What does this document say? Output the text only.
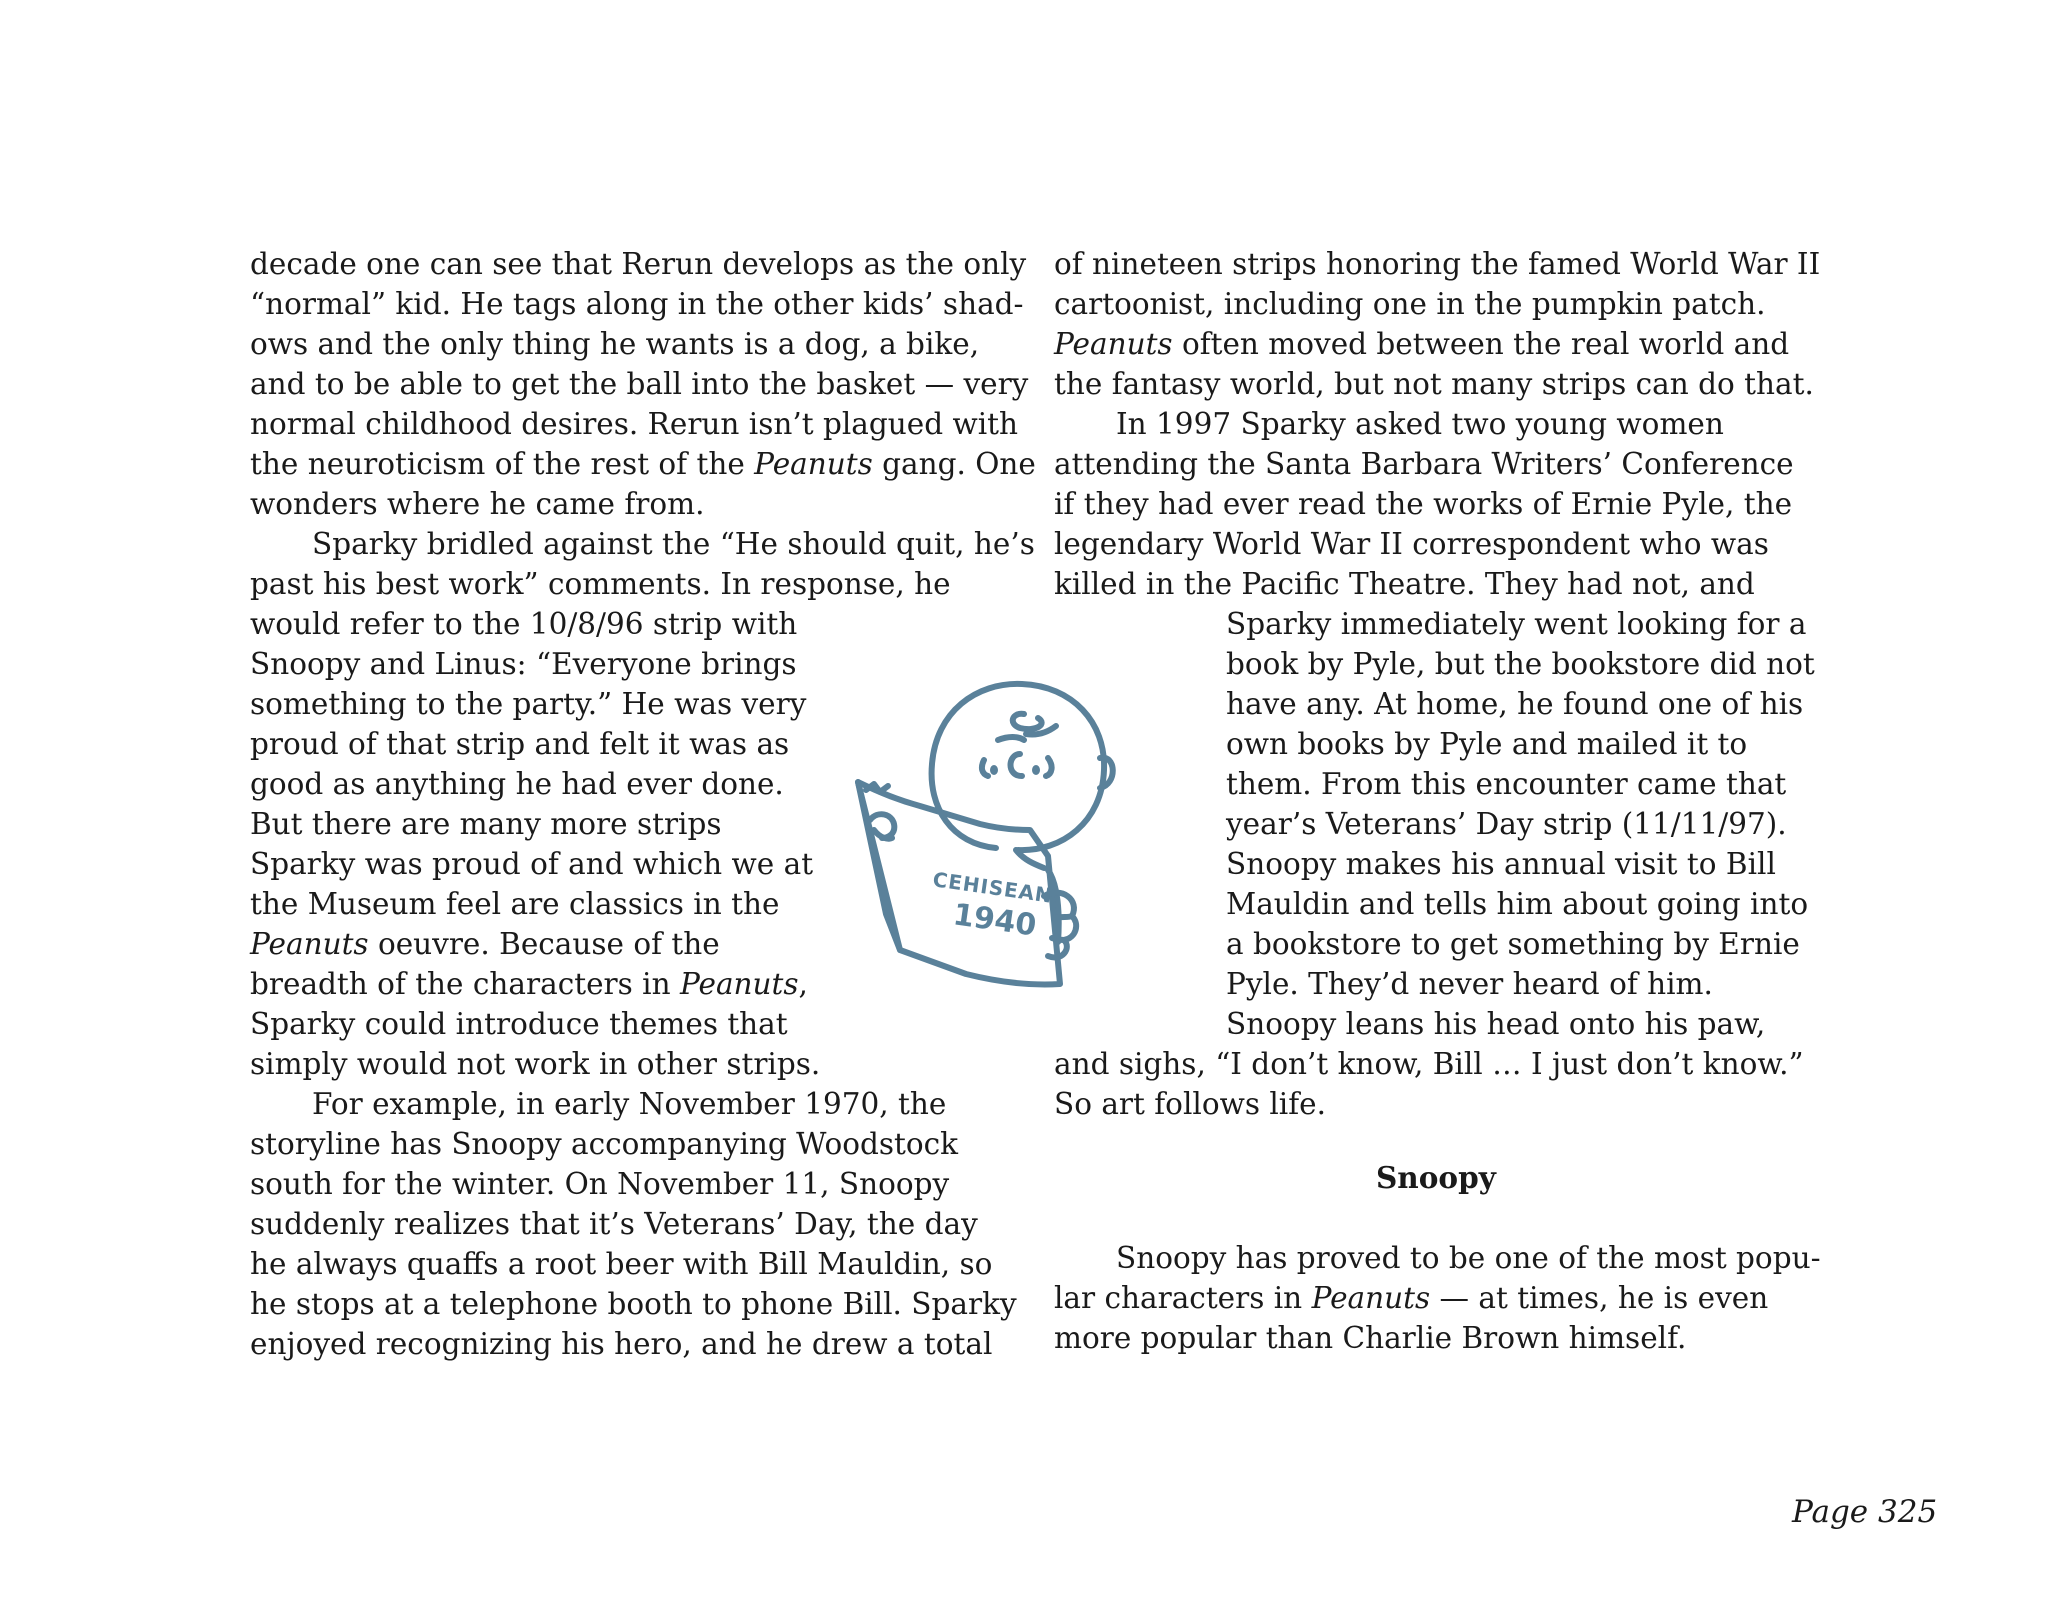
decade one can see that Rerun develops as the only
“normal” kid. He tags along in the other kids’ shad-
ows and the only thing he wants is a dog, a bike,
and to be able to get the ball into the basket — very
normal childhood desires. Rerun isn’t plagued with
the neuroticism of the rest of the Peanuts gang. One
wonders where he came from.
Sparky bridled against the “He should quit, he’s
past his best work” comments. In response, he
would refer to the 10/8/96 strip with
Snoopy and Linus: “Everyone brings
something to the party.” He was very
proud of that strip and felt it was as
good as anything he had ever done.
But there are many more strips
Sparky was proud of and which we at
the Museum feel are classics in the
Peanuts oeuvre. Because of the
breadth of the characters in Peanuts,
Sparky could introduce themes that
simply would not work in other strips.
For example, in early November 1970, the
storyline has Snoopy accompanying Woodstock
south for the winter. On November 11, Snoopy
suddenly realizes that it’s Veterans’ Day, the day
he always quaffs a root beer with Bill Mauldin, so
he stops at a telephone booth to phone Bill. Sparky
enjoyed recognizing his hero, and he drew a total
of nineteen strips honoring the famed World War II
cartoonist, including one in the pumpkin patch.
Peanuts often moved between the real world and
the fantasy world, but not many strips can do that.
In 1997 Sparky asked two young women
attending the Santa Barbara Writers’ Conference
if they had ever read the works of Ernie Pyle, the
legendary World War II correspondent who was
killed in the Pacific Theatre. They had not, and
Sparky immediately went looking for a
book by Pyle, but the bookstore did not
have any. At home, he found one of his
own books by Pyle and mailed it to
them. From this encounter came that
year’s Veterans’ Day strip (11/11/97).
Snoopy makes his annual visit to Bill
Mauldin and tells him about going into
a bookstore to get something by Ernie
Pyle. They’d never heard of him.
Snoopy leans his head onto his paw,
and sighs, “I don’t know, Bill … I just don’t know.”
So art follows life.
Snoopy has proved to be one of the most popu-
lar characters in Peanuts — at times, he is even
more popular than Charlie Brown himself.
Snoopy
CEHISEAN
1940
Page 325
